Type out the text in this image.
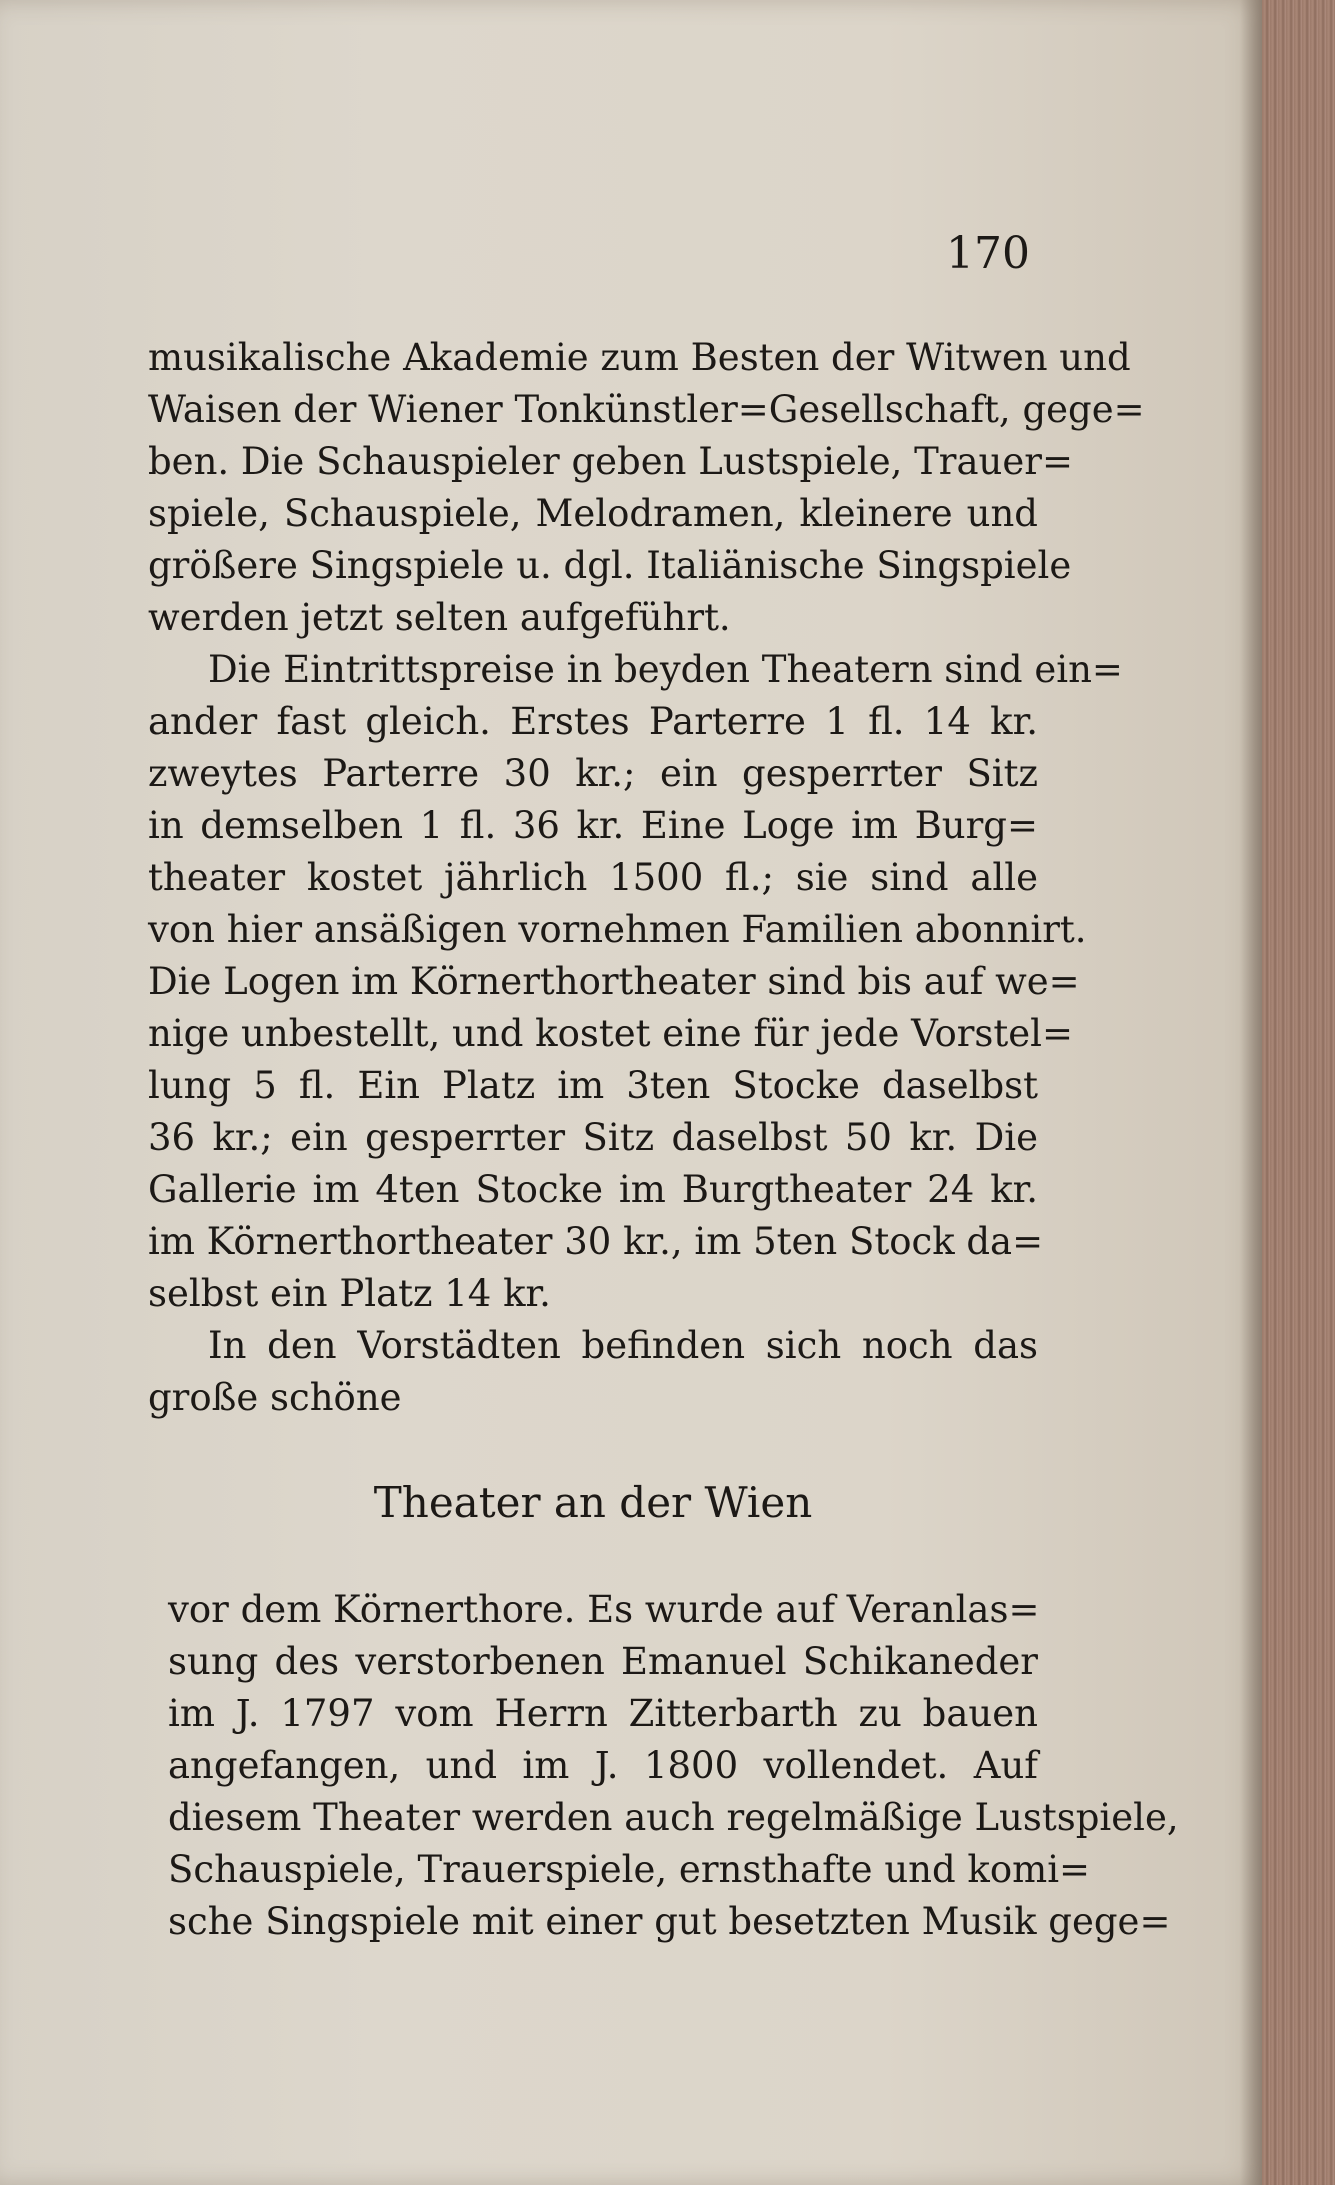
170
musikalische Akademie zum Besten der Witwen und
Waisen der Wiener Tonkünstler=Gesellschaft, gege=
ben. Die Schauspieler geben Lustspiele, Trauer=
spiele, Schauspiele, Melodramen, kleinere und
größere Singspiele u. dgl. Italiänische Singspiele
werden jetzt selten aufgeführt.
Die Eintrittspreise in beyden Theatern sind ein=
ander fast gleich. Erstes Parterre 1 fl. 14 kr.
zweytes Parterre 30 kr.; ein gesperrter Sitz
in demselben 1 fl. 36 kr. Eine Loge im Burg=
theater kostet jährlich 1500 fl.; sie sind alle
von hier ansäßigen vornehmen Familien abonnirt.
Die Logen im Körnerthortheater sind bis auf we=
nige unbestellt, und kostet eine für jede Vorstel=
lung 5 fl. Ein Platz im 3ten Stocke daselbst
36 kr.; ein gesperrter Sitz daselbst 50 kr. Die
Gallerie im 4ten Stocke im Burgtheater 24 kr.
im Körnerthortheater 30 kr., im 5ten Stock da=
selbst ein Platz 14 kr.
In den Vorstädten befinden sich noch das
große schöne
Theater an der Wien
vor dem Körnerthore. Es wurde auf Veranlas=
sung des verstorbenen Emanuel Schikaneder
im J. 1797 vom Herrn Zitterbarth zu bauen
angefangen, und im J. 1800 vollendet. Auf
diesem Theater werden auch regelmäßige Lustspiele,
Schauspiele, Trauerspiele, ernsthafte und komi=
sche Singspiele mit einer gut besetzten Musik gege=
